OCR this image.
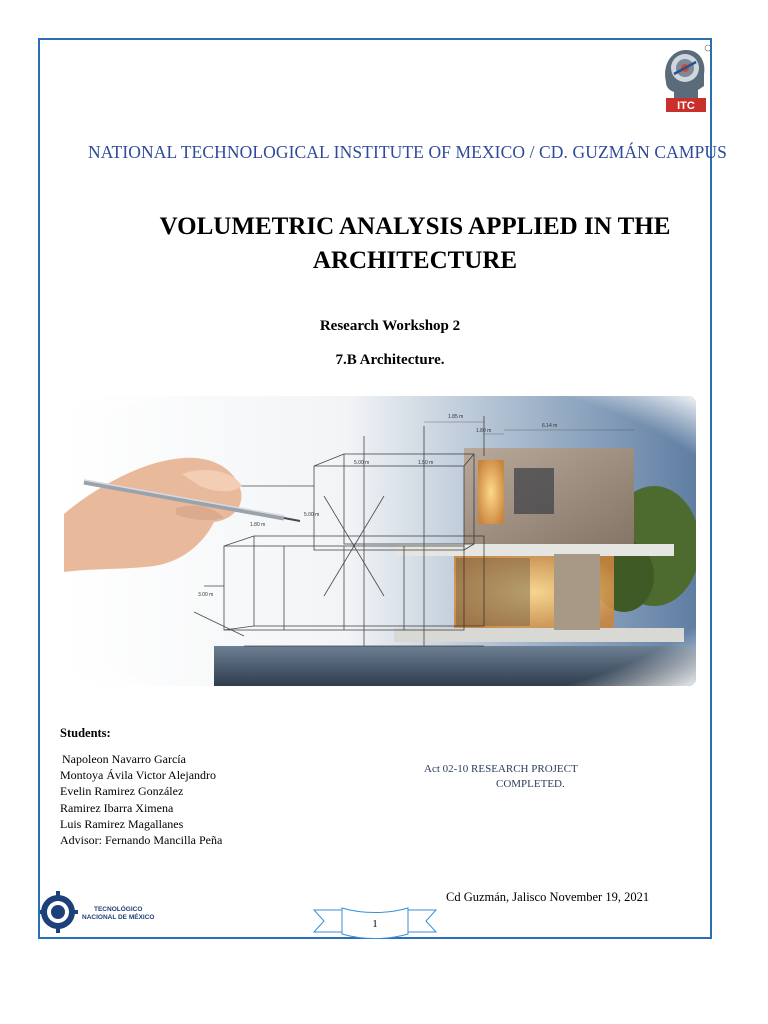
ITC
NATIONAL TECHNOLOGICAL INSTITUTE OF MEXICO / CD. GUZMÁN CAMPUS
VOLUMETRIC ANALYSIS APPLIED IN THE
ARCHITECTURE
Research Workshop 2
7.B Architecture.
Students:
Napoleon Navarro García
Montoya Ávila Victor Alejandro
Evelin Ramirez González
Ramirez Ibarra Ximena
Luis Ramirez Magallanes
Advisor: Fernando Mancilla Peña
Act 02-10 RESEARCH PROJECT
COMPLETED.
Cd Guzmán, Jalisco November 19, 2021
TECNOLÓGICO
NACIONAL DE MÉXICO
1
